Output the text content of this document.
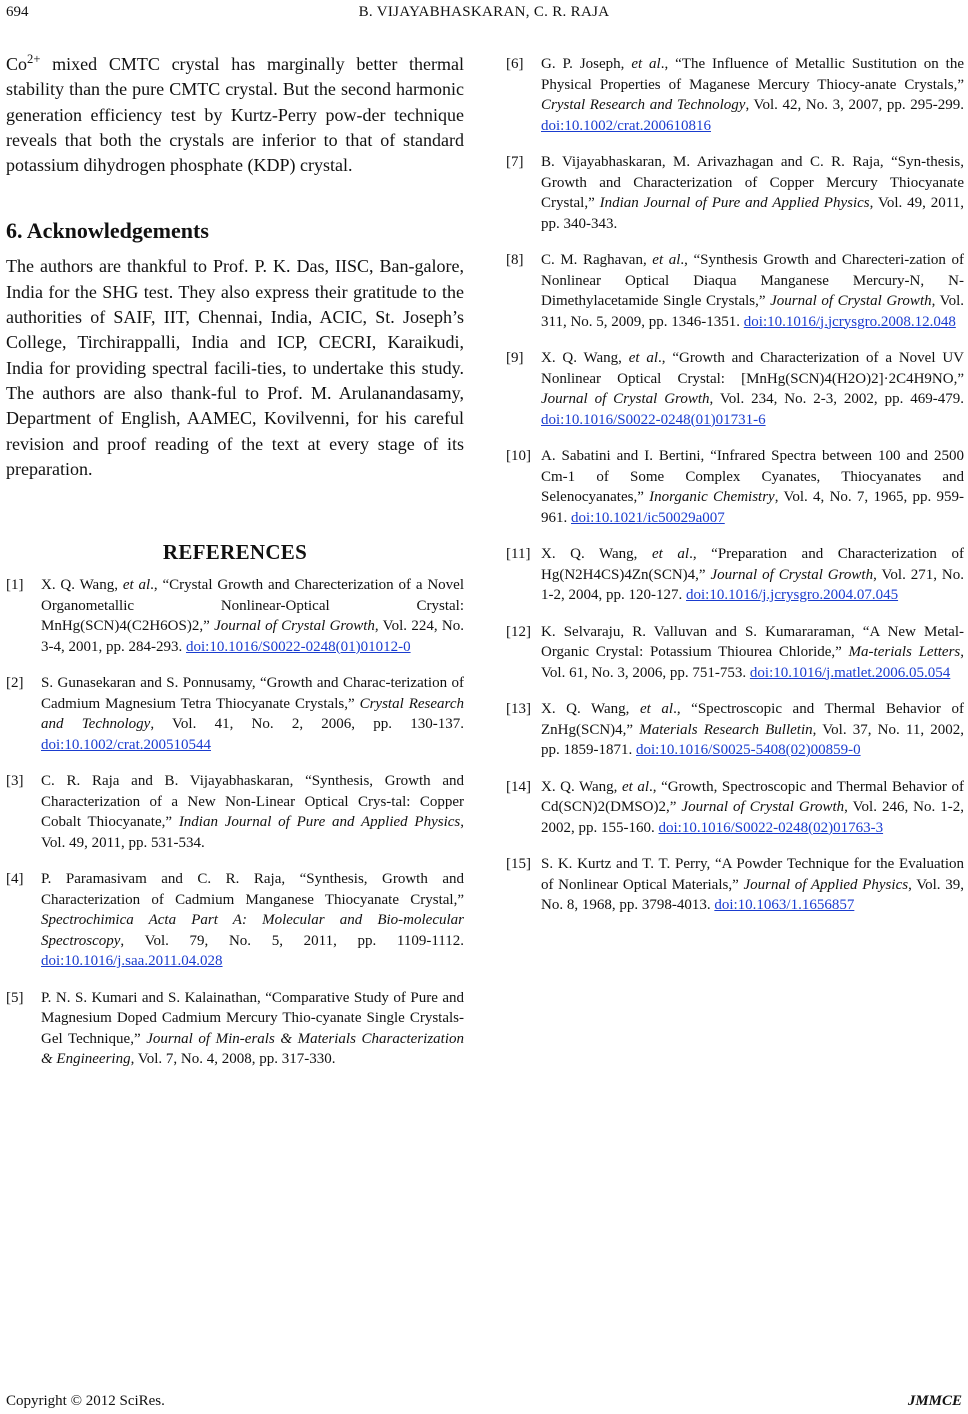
694	B. VIJAYABHASKARAN, C. R. RAJA

$Co^{2+}$ mixed CMTC crystal has marginally better thermal stability than the pure CMTC crystal. But the second harmonic generation efficiency test by Kurtz-Perry pow-der technique reveals that both the crystals are inferior to that of standard potassium dihydrogen phosphate (KDP) crystal.

6. Acknowledgements

The authors are thankful to Prof. P. K. Das, IISC, Ban-galore, India for the SHG test. They also express their gratitude to the authorities of SAIF, IIT, Chennai, India, ACIC, St. Joseph’s College, Tirchirappalli, India and ICP, CECRI, Karaikudi, India for providing spectral facili-ties, to undertake this study. The authors are also thank-ful to Prof. M. Arulanandasamy, Department of English, AAMEC, Kovilvenni, for his careful revision and proof reading of the text at every stage of its preparation.

REFERENCES
[1] X. Q. Wang, et al., “Crystal Growth and Charecterization of a Novel Organometallic Nonlinear-Optical Crystal: MnHg(SCN)4(C2H6OS)2,” Journal of Crystal Growth, Vol. 224, No. 3-4, 2001, pp. 284-293. doi:10.1016/S0022-0248(01)01012-0
[2] S. Gunasekaran and S. Ponnusamy, “Growth and Charac-terization of Cadmium Magnesium Tetra Thiocyanate Crystals,” Crystal Research and Technology, Vol. 41, No. 2, 2006, pp. 130-137. doi:10.1002/crat.200510544
[3] C. R. Raja and B. Vijayabhaskaran, “Synthesis, Growth and Characterization of a New Non-Linear Optical Crys-tal: Copper Cobalt Thiocyanate,” Indian Journal of Pure and Applied Physics, Vol. 49, 2011, pp. 531-534.
[4] P. Paramasivam and C. R. Raja, “Synthesis, Growth and Characterization of Cadmium Manganese Thiocyanate Crystal,” Spectrochimica Acta Part A: Molecular and Bio-molecular Spectroscopy, Vol. 79, No. 5, 2011, pp. 1109-1112. doi:10.1016/j.saa.2011.04.028
[5] P. N. S. Kumari and S. Kalainathan, “Comparative Study of Pure and Magnesium Doped Cadmium Mercury Thio-cyanate Single Crystals-Gel Technique,” Journal of Min-erals & Materials Characterization & Engineering, Vol. 7, No. 4, 2008, pp. 317-330.
[6] G. P. Joseph, et al., “The Influence of Metallic Sustitution on the Physical Properties of Maganese Mercury Thiocy-anate Crystals,” Crystal Research and Technology, Vol. 42, No. 3, 2007, pp. 295-299. doi:10.1002/crat.200610816
[7] B. Vijayabhaskaran, M. Arivazhagan and C. R. Raja, “Syn-thesis, Growth and Characterization of Copper Mercury Thiocyanate Crystal,” Indian Journal of Pure and Applied Physics, Vol. 49, 2011, pp. 340-343.
[8] C. M. Raghavan, et al., “Synthesis Growth and Charecteri-zation of Nonlinear Optical Diaqua Manganese Mercury-N, N-Dimethylacetamide Single Crystals,” Journal of Crystal Growth, Vol. 311, No. 5, 2009, pp. 1346-1351. doi:10.1016/j.jcrysgro.2008.12.048
[9] X. Q. Wang, et al., “Growth and Characterization of a Novel UV Nonlinear Optical Crystal: [MnHg(SCN)4(H2O)2]·2C4H9NO,” Journal of Crystal Growth, Vol. 234, No. 2-3, 2002, pp. 469-479. doi:10.1016/S0022-0248(01)01731-6
[10] A. Sabatini and I. Bertini, “Infrared Spectra between 100 and 2500 Cm-1 of Some Complex Cyanates, Thiocyanates and Selenocyanates,” Inorganic Chemistry, Vol. 4, No. 7, 1965, pp. 959-961. doi:10.1021/ic50029a007
[11] X. Q. Wang, et al., “Preparation and Characterization of Hg(N2H4CS)4Zn(SCN)4,” Journal of Crystal Growth, Vol. 271, No. 1-2, 2004, pp. 120-127. doi:10.1016/j.jcrysgro.2004.07.045
[12] K. Selvaraju, R. Valluvan and S. Kumararaman, “A New Metal-Organic Crystal: Potassium Thiourea Chloride,” Ma-terials Letters, Vol. 61, No. 3, 2006, pp. 751-753. doi:10.1016/j.matlet.2006.05.054
[13] X. Q. Wang, et al., “Spectroscopic and Thermal Behavior of ZnHg(SCN)4,” Materials Research Bulletin, Vol. 37, No. 11, 2002, pp. 1859-1871. doi:10.1016/S0025-5408(02)00859-0
[14] X. Q. Wang, et al., “Growth, Spectroscopic and Thermal Behavior of Cd(SCN)2(DMSO)2,” Journal of Crystal Growth, Vol. 246, No. 1-2, 2002, pp. 155-160. doi:10.1016/S0022-0248(02)01763-3
[15] S. K. Kurtz and T. T. Perry, “A Powder Technique for the Evaluation of Nonlinear Optical Materials,” Journal of Applied Physics, Vol. 39, No. 8, 1968, pp. 3798-4013. doi:10.1063/1.1656857
Copyright © 2012 SciRes.	JMMCE
